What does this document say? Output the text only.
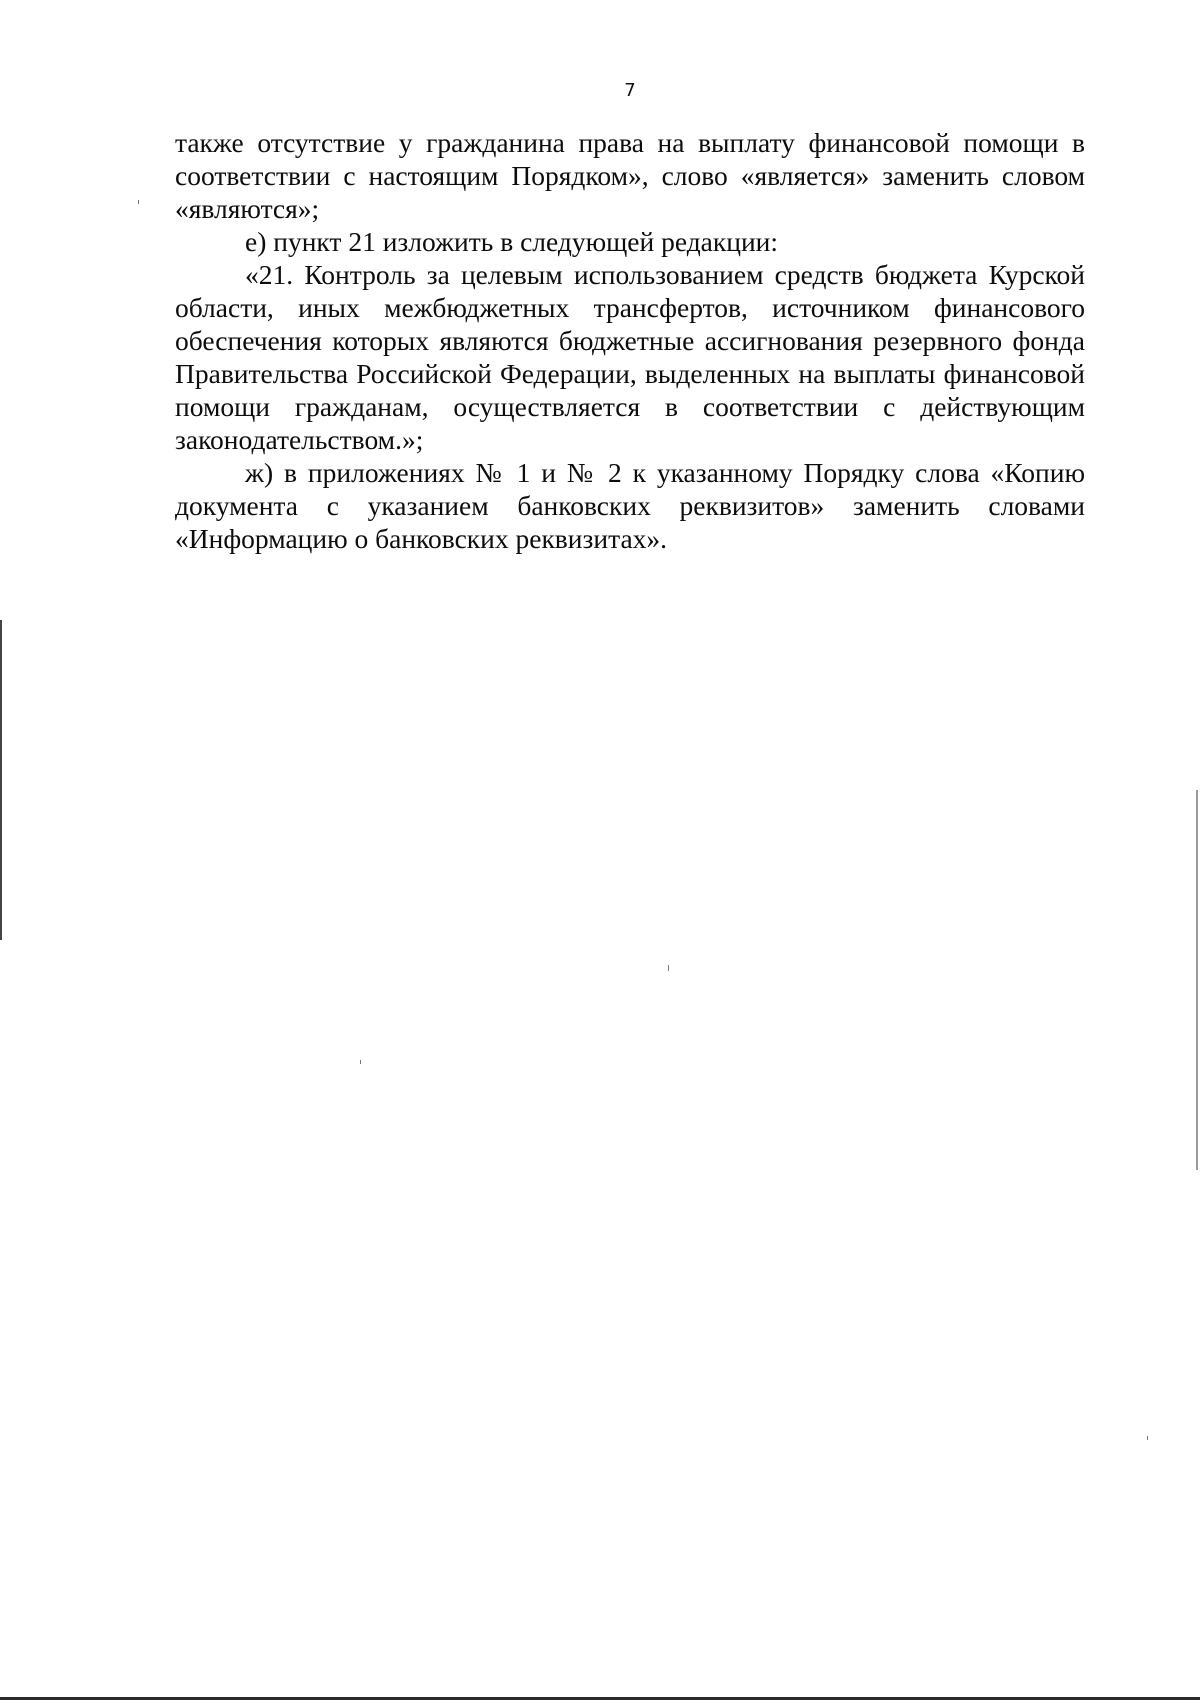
7

также отсутствие у гражданина права на выплату финансовой помощи в соответствии с настоящим Порядком», слово «является» заменить словом «являются»;

е) пункт 21 изложить в следующей редакции:

«21. Контроль за целевым использованием средств бюджета Курской области, иных межбюджетных трансфертов, источником финансового обеспечения которых являются бюджетные ассигнования резервного фонда Правительства Российской Федерации, выделенных на выплаты финансовой помощи гражданам, осуществляется в соответствии с действующим законодательством.»;

ж) в приложениях № 1 и № 2 к указанному Порядку слова «Копию документа с указанием банковских реквизитов» заменить словами «Информацию о банковских реквизитах».
